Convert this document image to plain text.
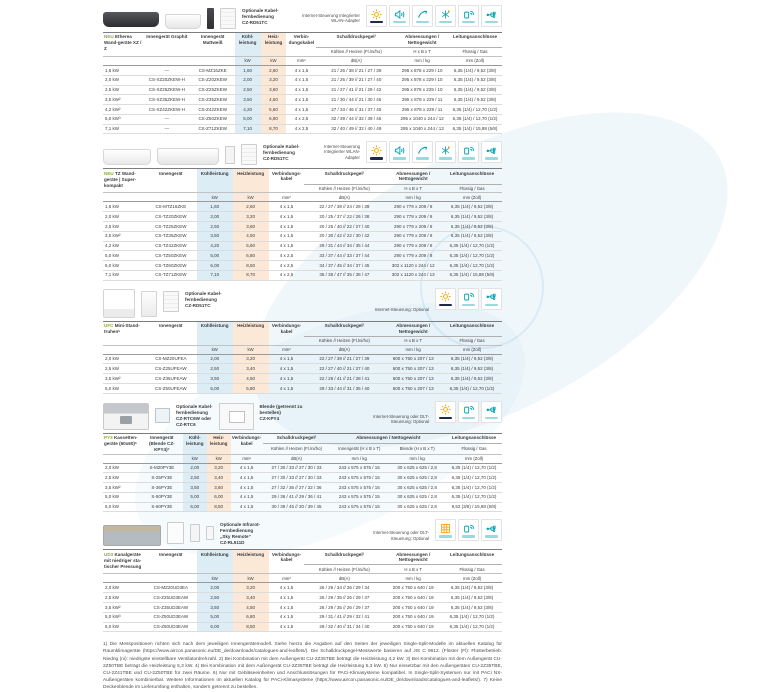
Optionale Kabel-
fernbedienung
CZ-RD51TC
Internet-Steuerung Integrierter WLAN-Adapter
NEU Etherea Wand-geräte XZ / Z	Innengerät Graphit	Innengerät Mattweiß	Kühl-leistung	Heiz-leistung	Verbin-dungskabel	Schalldruckpegel¹	Abmessungen / Nettogewicht	Leitungsanschlüsse
						Kühlen // Heizen (Fl./ni/ho)	H x B x T	Flüssig / Gas
			kW	kW	mm²	dB(A)	mm / kg	mm (Zoll)
1,6 kW	—	CS-MZ16ZKE	1,60	2,60	4 x 1,5	21 / 26 / 38 // 21 / 27 / 39	295 x 878 x 229 / 10	6,35 (1/4) / 9,52 (3/8)
2,0 kW	CS-XZ20ZKEW-H	CS-Z20ZKEW	2,00	3,20	4 x 1,5	21 / 26 / 39 // 21 / 27 / 40	295 x 878 x 229 / 10	6,35 (1/4) / 9,52 (3/8)
2,5 kW	CS-XZ25ZKEW-H	CS-Z25ZKEW	2,50	3,60	4 x 1,5	21 / 27 / 41 // 21 / 29 / 42	295 x 878 x 229 / 10	6,35 (1/4) / 9,52 (3/8)
3,5 kW²	CS-XZ35ZKEW-H	CS-Z35ZKEW	3,50	4,50	4 x 1,5	21 / 30 / 44 // 21 / 30 / 45	295 x 878 x 229 / 11	6,35 (1/4) / 9,52 (3/8)
4,2 kW²	CS-XZ42ZKEW-H	CS-Z42ZKEW	4,20	5,60	4 x 1,5	27 / 33 / 46 // 31 / 37 / 45	295 x 878 x 229 / 11	6,35 (1/4) / 12,70 (1/2)
5,0 kW³	—	CS-Z50ZKEW	5,00	6,80	4 x 2,5	32 / 39 / 44 // 32 / 39 / 46	295 x 1040 x 244 / 12	6,35 (1/4) / 12,70 (1/2)
7,1 kW	—	CS-Z71ZKEW	7,10	8,70	4 x 2,5	32 / 40 / 49 // 32 / 40 / 49	295 x 1040 x 244 / 13	6,35 (1/4) / 15,88 (5/8)
Optionale Kabel-
fernbedienung
CZ-RD51TC
Internet-Steuerung Integrierter WLAN-Adapter
NEU TZ Wand-geräte | Super-kompakt	Innengerät	Kühlleistung	Heizleistung	Verbindungs-kabel	Schalldruckpegel¹	Abmessungen / Nettogewicht	Leitungsanschlüsse
					Kühlen // Heizen (Fl./ni/ho)	H x B x T	Flüssig / Gas
		kW	kW	mm²	dB(A)	mm / kg	mm (Zoll)
1,6 kW	CS-MTZ16ZKE	1,60	2,60	4 x 1,5	22 / 27 / 38 // 24 / 28 / 39	290 x 779 x 209 / 8	6,35 (1/4) / 9,52 (3/8)
2,0 kW	CS-TZ20ZKEW	2,00	3,20	4 x 1,5	20 / 25 / 37 // 22 / 26 / 38	290 x 779 x 209 / 8	6,35 (1/4) / 9,52 (3/8)
2,5 kW	CS-TZ25ZKEW	2,50	3,60	4 x 1,5	20 / 26 / 40 // 22 / 27 / 40	290 x 779 x 209 / 8	6,35 (1/4) / 9,52 (3/8)
3,5 kW²	CS-TZ35ZKEW	3,50	4,50	4 x 1,5	20 / 30 / 42 // 22 / 30 / 42	290 x 779 x 209 / 8	6,35 (1/4) / 9,52 (3/8)
4,2 kW	CS-TZ42ZKEW	4,20	5,60	4 x 1,5	29 / 31 / 44 // 34 / 35 / 44	290 x 779 x 209 / 8	6,35 (1/4) / 12,70 (1/2)
5,0 kW	CS-TZ50ZKEW	5,00	6,80	4 x 2,5	33 / 37 / 44 // 33 / 37 / 44	290 x 779 x 209 / 8	6,35 (1/4) / 12,70 (1/2)
6,0 kW	CS-TZ60ZKEW	6,00	8,50	4 x 2,5	34 / 37 / 45 // 34 / 37 / 45	302 x 1120 x 244 / 12	6,35 (1/4) / 12,70 (1/2)
7,1 kW	CS-TZ71ZKEW	7,10	8,70	4 x 2,5	35 / 38 / 47 // 35 / 38 / 47	302 x 1120 x 244 / 13	6,35 (1/4) / 15,88 (5/8)
Optionale Kabel-
fernbedienung
CZ-RD51TC
Internet-Steuerung: Optional
UFC Mini-Stand-truhen⁵	Innengerät	Kühlleistung	Heizleistung	Verbindungs-kabel	Schalldruckpegel¹	Abmessungen / Nettogewicht	Leitungsanschlüsse
					Kühlen // Heizen (Fl./ni/ho)	H x B x T	Flüssig / Gas
		kW	kW	mm²	dB(A)	mm / kg	mm (Zoll)
2,0 kW	CS-MZ20UFEA	2,00	3,20	4 x 1,5	22 / 27 / 39 // 21 / 27 / 39	600 x 750 x 207 / 13	6,35 (1/4) / 9,52 (3/8)
2,5 kW	CS-Z25UFEAW	2,50	3,40	4 x 1,5	22 / 27 / 40 // 21 / 27 / 40	600 x 750 x 207 / 13	6,35 (1/4) / 9,52 (3/8)
3,5 kW²	CS-Z35UFEAW	3,50	4,50	4 x 1,5	22 / 28 / 41 // 21 / 28 / 41	600 x 750 x 207 / 13	6,35 (1/4) / 9,52 (3/8)
5,0 kW	CS-Z50UFEAW	5,00	5,80	4 x 1,5	29 / 33 / 44 // 31 / 35 / 40	600 x 750 x 207 / 13	6,35 (1/4) / 12,70 (1/2)
Optionale Kabel-
fernbedienung
CZ-RTC6W oder
CZ-RTC6
Blende (getrennt zu
bestellen)
CZ-KPY4	Internet-Steuerung oder DLT-Steuerung: Optional
PY3 Kassetten-geräte (60x60)⁶	Innengerät (Blende CZ-KPY4)⁷	Kühl-leistung	Heiz-leistung	Verbindungs-kabel	Schalldruckpegel¹	Abmessungen / Nettogewicht		Leitungsanschlüsse
					Kühlen // Heizen (Fl./ni/ho)	Innengerät (H x B x T)	Blende (H x B x T)	Flüssig / Gas
		kW	kW	mm²	dB(A)	mm / kg	mm / kg	mm (Zoll)
2,0 kW	S-M20PY3E	2,00	3,20	4 x 1,5	27 / 30 / 33 // 27 / 30 / 33	243 x 575 x 575 / 15	30 x 625 x 625 / 2,8	6,35 (1/4) / 12,70 (1/2)
2,5 kW	S-25PY3E	2,50	3,40	4 x 1,5	27 / 30 / 33 // 27 / 30 / 33	243 x 575 x 575 / 15	30 x 625 x 625 / 2,8	6,35 (1/4) / 12,70 (1/2)
3,5 kW²	S-36PY3E	3,50	3,60	4 x 1,5	27 / 32 / 36 // 27 / 32 / 36	243 x 575 x 575 / 15	30 x 625 x 625 / 2,8	6,35 (1/4) / 12,70 (1/2)
5,0 kW	S-50PY3E	5,00	6,00	4 x 1,5	29 / 36 / 41 // 29 / 36 / 41	243 x 575 x 575 / 15	30 x 625 x 625 / 2,8	6,35 (1/4) / 12,70 (1/2)
6,0 kW	S-60PY3E	6,00	8,50	4 x 1,5	30 / 39 / 45 // 30 / 39 / 45	243 x 575 x 575 / 15	30 x 625 x 625 / 2,8	9,52 (3/8) / 15,88 (5/8)
Optionale Infrarot-
Fernbedienung
„Sky Remote“
CZ-RL511D
Internet-Steuerung oder DLT-Steuerung: Optional
UD3 Kanalgeräte mit niedriger sta-tischer Pressung	Innengerät	Kühlleistung	Heizleistung	Verbindungs-kabel	Schalldruckpegel¹	Abmessungen / Nettogewicht	Leitungsanschlüsse
					Kühlen // Heizen (Fl./ni/ho)	H x B x T	Flüssig / Gas
		kW	kW	mm²	dB(A)	mm / kg	mm (Zoll)
2,0 kW	CS-MZ20UD3EA	2,00	3,20	4 x 1,5	26 / 29 / 34 // 26 / 29 / 34	200 x 750 x 640 / 19	6,35 (1/4) / 9,52 (3/8)
2,5 kW	CS-Z25UD3EAW	2,50	3,40	4 x 1,5	26 / 29 / 35 // 26 / 29 / 37	200 x 750 x 640 / 19	6,35 (1/4) / 9,52 (3/8)
3,5 kW²	CS-Z35UD3EAW	3,50	4,50	4 x 1,5	26 / 29 / 35 // 26 / 29 / 37	200 x 750 x 640 / 19	6,35 (1/4) / 9,52 (3/8)
5,0 kW³	CS-Z50UD3EAW	5,00	6,80	4 x 1,5	29 / 31 / 41 // 29 / 32 / 41	200 x 750 x 640 / 19	6,35 (1/4) / 12,70 (1/2)
6,0 kW	CS-Z60UD3EAW	6,00	8,50	4 x 1,5	29 / 32 / 40 // 31 / 34 / 40	200 x 750 x 640 / 19	6,35 (1/4) / 12,70 (1/2)
1) Die Messpositionen richten sich nach dem jeweiligen Innengerätemodell. Siehe hierzu die Angaben auf den Seiten der jeweiligen Single-Split-Modelle im aktuellen Katalog für Raumklimageräte (https://www.aircon.panasonic.eu/DE_de/downloads/catalogues-and-leaflets/). Die Schalldruckpegel-Messwerte basieren auf JIS C 9612. (Flüster (Fl): Flüsterbetrieb. Niedrig (ni): niedrigste einstellbare Ventilatordrehzahl. 2) Bei Kombination mit dem Außengerät CU-2Z35TBE beträgt die Heizleistung 4,2 kW. 3) Bei Kombination mit dem Außengerät CU-2Z50TBE beträgt die Heizleistung 5,3 kW. 4) Bei Kombination mit dem Außengerät CU-2Z35TBE beträgt die Heizleistung 5,3 kW. 5) Nur einsetzbar mit den Außengeräten CU-2Z35TBE, CU-2Z41TBE und CU-2Z50TBE für zwei Räume. 6) Nur mit Gebläseeinheiten und Anschlusslösungen für PACi-Klimasysteme kompatibel. In Single-Split-Systemen nur mit PACi NX-Außengeräten kombinierbar. Weitere Informationen im aktuellen Katalog für PACi-Klimasysteme (https://www.aircon.panasonic.eu/DE_de/downloads/catalogues-and-leaflets/). 7) Keine Deckenblende im Lieferumfang enthalten, sondern getrennt zu bestellen.
